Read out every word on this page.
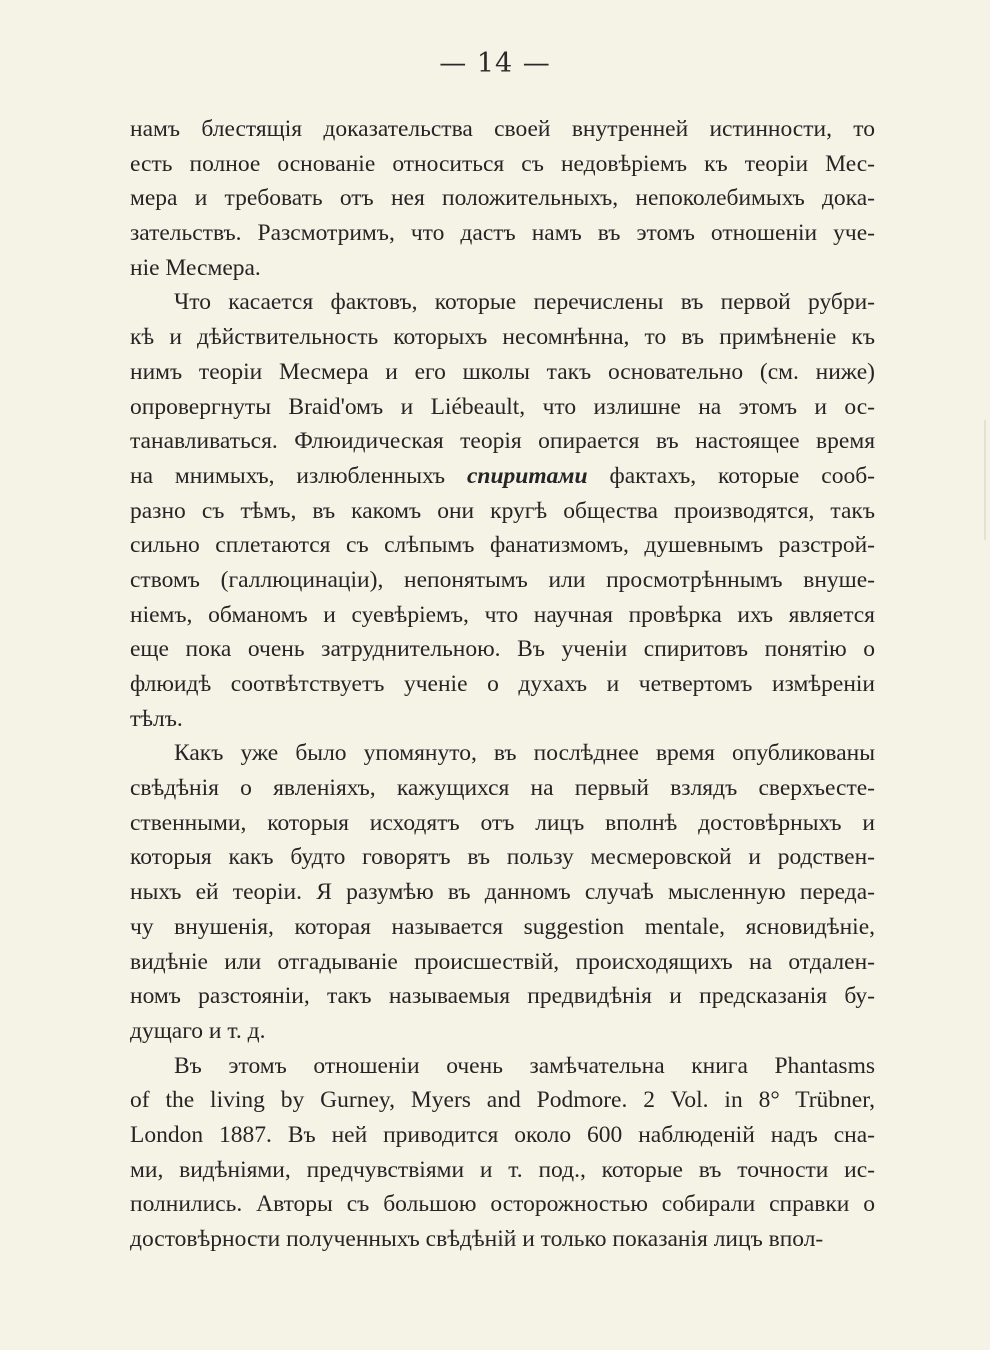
— 14 —
намъ блестящія доказательства своей внутренней истинности, то
есть полное основаніе относиться съ недовѣріемъ къ теоріи Мес-
мера и требовать отъ нея положительныхъ, непоколебимыхъ дока-
зательствъ. Разсмотримъ, что дастъ намъ въ этомъ отношеніи уче-
ніе Месмера.
Что касается фактовъ, которые перечислены въ первой рубри-
кѣ и дѣйствительность которыхъ несомнѣнна, то въ примѣненіе къ
нимъ теоріи Месмера и его школы такъ основательно (см. ниже)
опровергнуты Braid'омъ и Liébeault, что излишне на этомъ и ос-
танавливаться. Флюидическая теорія опирается въ настоящее время
на мнимыхъ, излюбленныхъ спиритами фактахъ, которые сооб-
разно съ тѣмъ, въ какомъ они кругѣ общества производятся, такъ
сильно сплетаются съ слѣпымъ фанатизмомъ, душевнымъ разстрой-
ствомъ (галлюцинаціи), непонятымъ или просмотрѣннымъ внуше-
ніемъ, обманомъ и суевѣріемъ, что научная провѣрка ихъ является
еще пока очень затруднительною. Въ ученіи спиритовъ понятію о
флюидѣ соотвѣтствуетъ ученіе о духахъ и четвертомъ измѣреніи
тѣлъ.
Какъ уже было упомянуто, въ послѣднее время опубликованы
свѣдѣнія о явленіяхъ, кажущихся на первый взлядъ сверхъесте-
ственными, которыя исходятъ отъ лицъ вполнѣ достовѣрныхъ и
которыя какъ будто говорятъ въ пользу месмеровской и родствен-
ныхъ ей теоріи. Я разумѣю въ данномъ случаѣ мысленную переда-
чу внушенія, которая называется suggestion mentale, ясновидѣніе,
видѣніе или отгадываніе происшествій, происходящихъ на отдален-
номъ разстояніи, такъ называемыя предвидѣнія и предсказанія бу-
дущаго и т. д.
Въ этомъ отношеніи очень замѣчательна книга Phantasms
of the living by Gurney, Myers and Podmore. 2 Vol. in 8° Trübner,
London 1887. Въ ней приводится около 600 наблюденій надъ сна-
ми, видѣніями, предчувствіями и т. под., которые въ точности ис-
полнились. Авторы съ большою осторожностью собирали справки о
достовѣрности полученныхъ свѣдѣній и только показанія лицъ впол-
